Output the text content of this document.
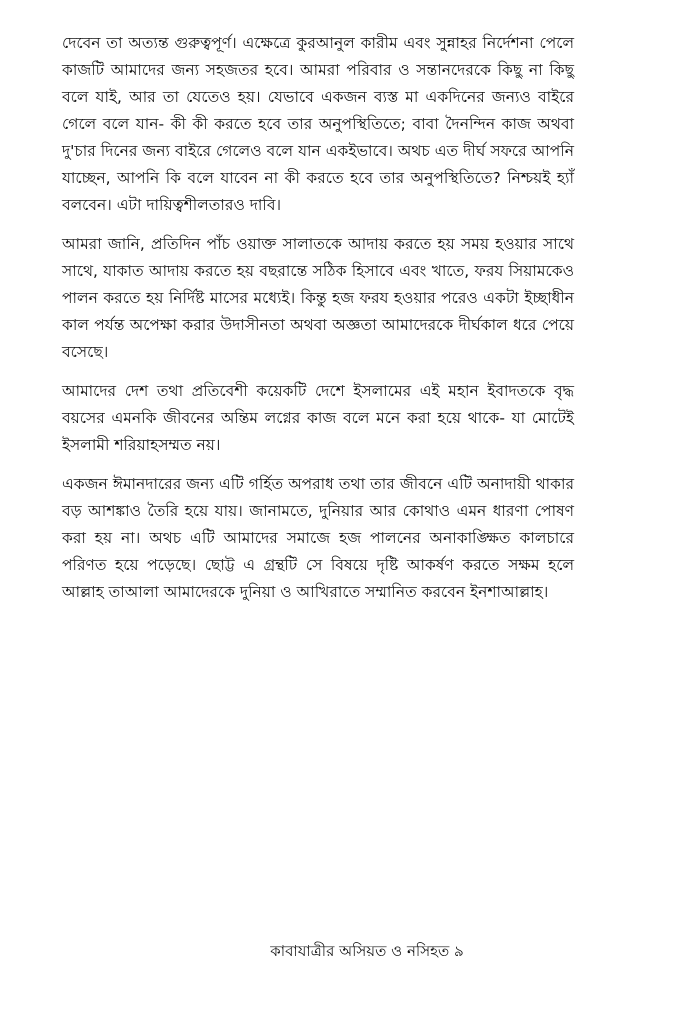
দেবেন তা অত্যন্ত গুরুত্বপূর্ণ। এক্ষেত্রে কুরআনুল কারীম এবং সুন্নাহর নির্দেশনা পেলে কাজটি আমাদের জন্য সহজতর হবে। আমরা পরিবার ও সন্তানদেরকে কিছু না কিছু বলে যাই, আর তা যেতেও হয়। যেভাবে একজন ব্যস্ত মা একদিনের জন্যও বাইরে গেলে বলে যান- কী কী করতে হবে তার অনুপস্থিতিতে; বাবা দৈনন্দিন কাজ অথবা দু'চার দিনের জন্য বাইরে গেলেও বলে যান একইভাবে। অথচ এত দীর্ঘ সফরে আপনি যাচ্ছেন, আপনি কি বলে যাবেন না কী করতে হবে তার অনুপস্থিতিতে? নিশ্চয়ই হ্যাঁ বলবেন। এটা দায়িত্বশীলতারও দাবি।

আমরা জানি, প্রতিদিন পাঁচ ওয়াক্ত সালাতকে আদায় করতে হয় সময় হওয়ার সাথে সাথে, যাকাত আদায় করতে হয় বছরান্তে সঠিক হিসাবে এবং খাতে, ফরয সিয়ামকেও পালন করতে হয় নির্দিষ্ট মাসের মধ্যেই। কিন্তু হজ ফরয হওয়ার পরেও একটা ইচ্ছাধীন কাল পর্যন্ত অপেক্ষা করার উদাসীনতা অথবা অজ্ঞতা আমাদেরকে দীর্ঘকাল ধরে পেয়ে বসেছে।

আমাদের দেশ তথা প্রতিবেশী কয়েকটি দেশে ইসলামের এই মহান ইবাদতকে বৃদ্ধ বয়সের এমনকি জীবনের অন্তিম লগ্নের কাজ বলে মনে করা হয়ে থাকে- যা মোটেই ইসলামী শরিয়াহসম্মত নয়।

একজন ঈমানদারের জন্য এটি গর্হিত অপরাধ তথা তার জীবনে এটি অনাদায়ী থাকার বড় আশঙ্কাও তৈরি হয়ে যায়। জানামতে, দুনিয়ার আর কোথাও এমন ধারণা পোষণ করা হয় না। অথচ এটি আমাদের সমাজে হজ পালনের অনাকাঙ্ক্ষিত কালচারে পরিণত হয়ে পড়েছে। ছোট্ট এ গ্রন্থটি সে বিষয়ে দৃষ্টি আকর্ষণ করতে সক্ষম হলে আল্লাহ তাআলা আমাদেরকে দুনিয়া ও আখিরাতে সম্মানিত করবেন ইনশাআল্লাহ।

কাবাযাত্রীর অসিয়ত ও নসিহত ৯
